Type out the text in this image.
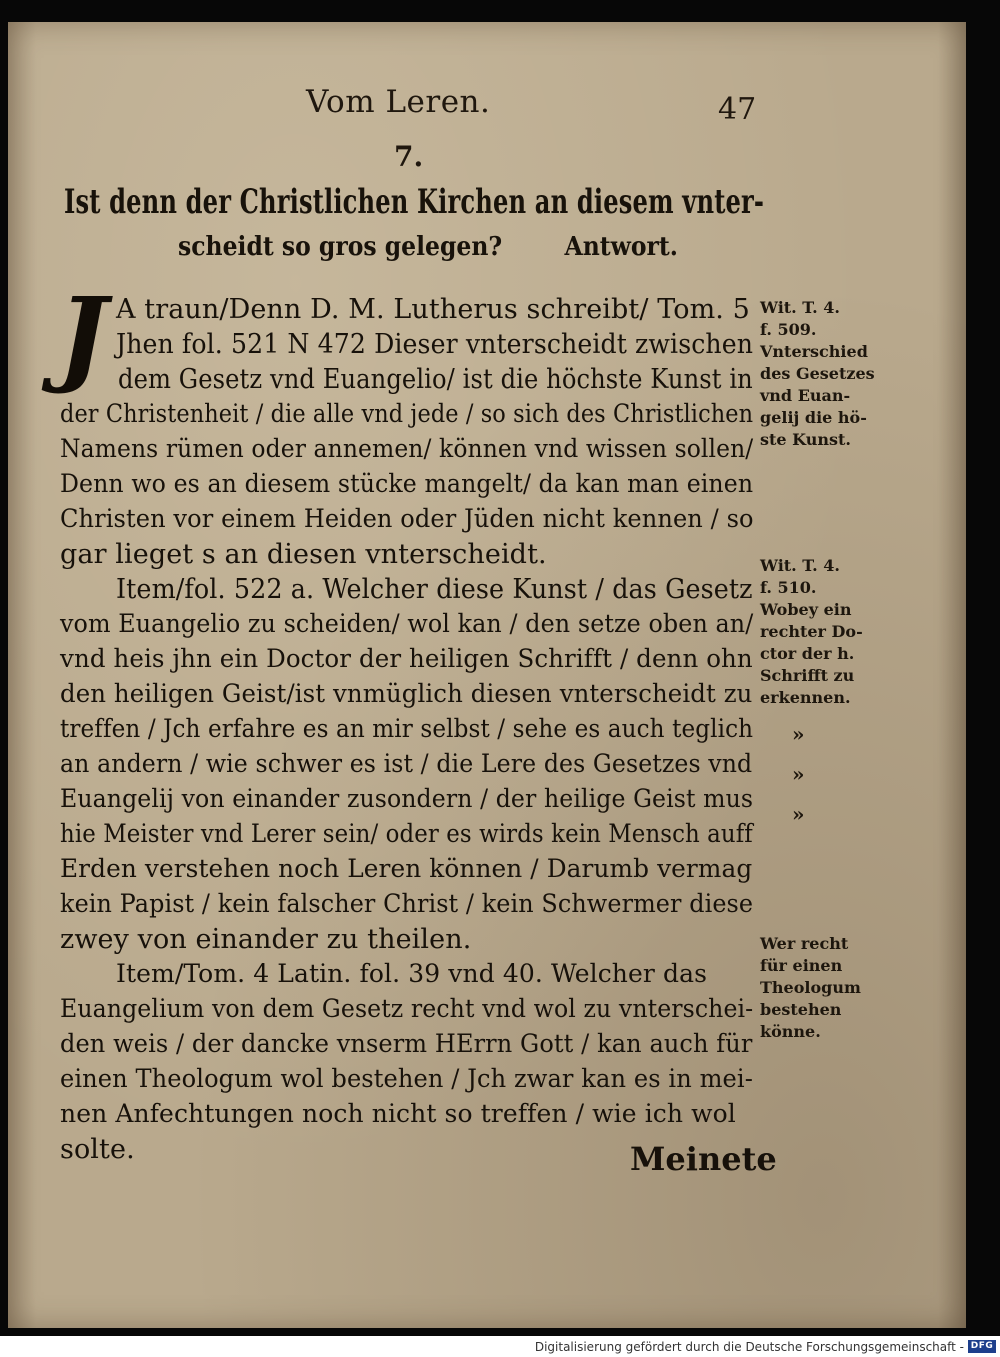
Vom Leren.	47
7.
Ist denn der Christlichen Kirchen an diesem vnter-
scheidt so gros gelegen? Antwort.
J A traun/Denn D. M. Lutherus schreibt/ Tom. 5
Jhen fol. 521 N 472 Dieser vnterscheidt zwischen
dem Gesetz vnd Euangelio/ ist die höchste Kunst in
der Christenheit / die alle vnd jede / so sich des Christlichen
Namens rümen oder annemen/ können vnd wissen sollen/
Denn wo es an diesem stücke mangelt/ da kan man einen
Christen vor einem Heiden oder Jüden nicht kennen / so
gar lieget s an diesen vnterscheidt.
Item/fol. 522 a. Welcher diese Kunst / das Gesetz
vom Euangelio zu scheiden/ wol kan / den setze oben an/
vnd heis jhn ein Doctor der heiligen Schrifft / denn ohn
den heiligen Geist/ist vnmüglich diesen vnterscheidt zu
treffen / Jch erfahre es an mir selbst / sehe es auch teglich
an andern / wie schwer es ist / die Lere des Gesetzes vnd
Euangelij von einander zusondern / der heilige Geist mus
hie Meister vnd Lerer sein/ oder es wirds kein Mensch auff
Erden verstehen noch Leren können / Darumb vermag
kein Papist / kein falscher Christ / kein Schwermer diese
zwey von einander zu theilen.
Item/Tom. 4 Latin. fol. 39 vnd 40. Welcher das
Euangelium von dem Gesetz recht vnd wol zu vnterschei-
den weis / der dancke vnserm HErrn Gott / kan auch für
einen Theologum wol bestehen / Jch zwar kan es in mei-
nen Anfechtungen noch nicht so treffen / wie ich wol
solte.
Wit. T. 4.
f. 509.
Vnterschied
des Gesetzes
vnd Euan-
gelij die hö-
ste Kunst.
Wit. T. 4.
f. 510.
Wobey ein
rechter Do-
ctor der h.
Schrifft zu
erkennen.
»
»
»
Wer recht
für einen
Theologum
bestehen
könne.
Meinete
Digitalisierung gefördert durch die Deutsche Forschungsgemeinschaft - DFG
